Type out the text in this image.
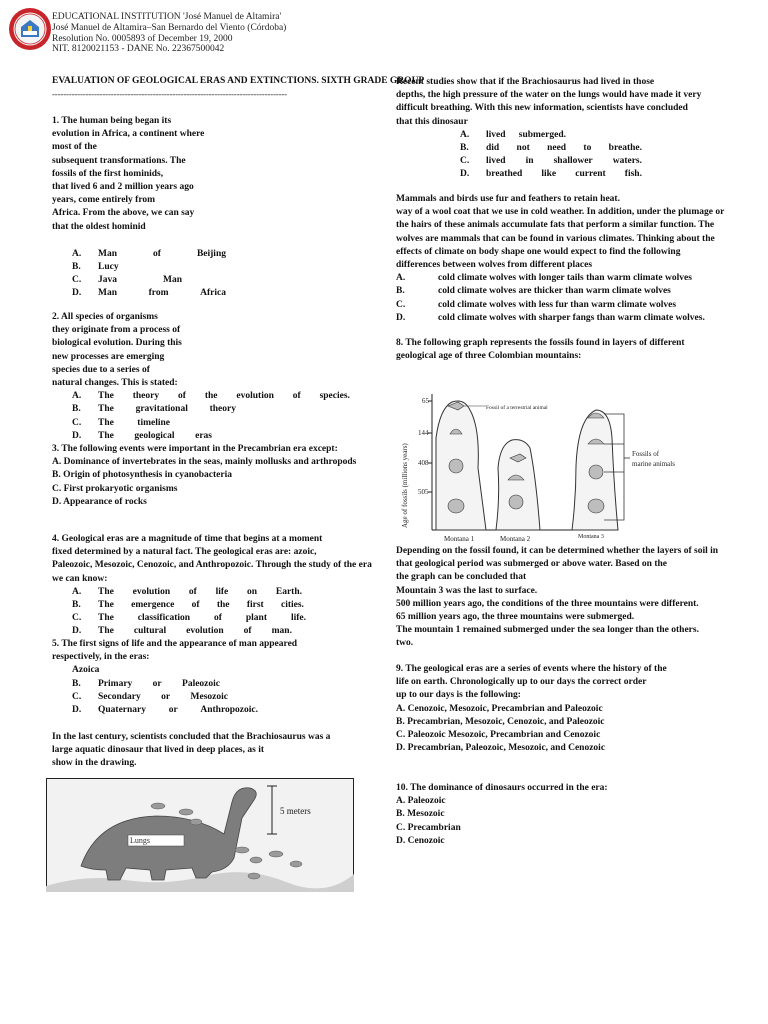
EDUCATIONAL INSTITUTION 'José Manuel de Altamira'
José Manuel de Altamira–San Bernardo del Viento (Córdoba)
Resolution No. 0005893 of December 19, 2000
NIT. 8120021153 - DANE No. 22367500042
EVALUATION OF GEOLOGICAL ERAS AND EXTINCTIONS. SIXTH GRADE GROUP
------------------------------------------------------------------------------------
1. The human being began its
evolution in Africa, a continent where
most of the
subsequent transformations. The
fossils of the first hominids,
that lived 6 and 2 million years ago
years, come entirely from
Africa. From the above, we can say
that the oldest hominid
A.	Man	of	Beijing
B.	Lucy
C.	Java	Man
D.	Man	from	Africa
2. All species of organisms
they originate from a process of
biological evolution. During this
new processes are emerging
species due to a series of
natural changes. This is stated:
A.	The theory of the evolution of species.
B.	The gravitational theory
C.	The timeline
D.	The geological eras
3. The following events were important in the Precambrian era except:
A. Dominance of invertebrates in the seas, mainly mollusks and arthropods
B. Origin of photosynthesis in cyanobacteria
C. First prokaryotic organisms
D. Appearance of rocks
4. Geological eras are a magnitude of time that begins at a moment
fixed determined by a natural fact. The geological eras are: azoic,
Paleozoic, Mesozoic, Cenozoic, and Anthropozoic. Through the study of the era
we can know:
A.	The evolution of life on Earth.
B.	The emergence of the first cities.
C.	The	classification	of	plant	life.
D.	The cultural evolution of man.
5. The first signs of life and the appearance of man appeared
respectively, in the eras:
Azoica
B.	Primary or Paleozoic
C.	Secondary or Mesozoic
D.	Quaternary or Anthropozoic.
In the last century, scientists concluded that the Brachiosaurus was a
large aquatic dinosaur that lived in deep places, as it
show in the drawing.
Lungs
5 meters
Recent studies show that if the Brachiosaurus had lived in those
depths, the high pressure of the water on the lungs would have made it very
difficult breathing. With this new information, scientists have concluded
that this dinosaur
A.	lived submerged.
B.	did not need to breathe.
C.	lived in shallower waters.
D.	breathed like current fish.
Mammals and birds use fur and feathers to retain heat.
way of a wool coat that we use in cold weather. In addition, under the plumage or
the hairs of these animals accumulate fats that perform a similar function. The
wolves are mammals that can be found in various climates. Thinking about the
effects of climate on body shape one would expect to find the following
differences between wolves from different places
A.	cold climate wolves with longer tails than warm climate wolves
B.	cold climate wolves are thicker than warm climate wolves
C.	cold climate wolves with less fur than warm climate wolves
D.	cold climate wolves with sharper fangs than warm climate wolves.
8. The following graph represents the fossils found in layers of different
geological age of three Colombian mountains:
Age of fossils (millions years)
65
144
408
505
Fossil of a terrestrial animal
Fossils of
marine animals
Montana 1	Montana 2	Montana 3
Depending on the fossil found, it can be determined whether the layers of soil in
that geological period was submerged or above water. Based on the
the graph can be concluded that
Mountain 3 was the last to surface.
500 million years ago, the conditions of the three mountains were different.
65 million years ago, the three mountains were submerged.
The mountain 1 remained submerged under the sea longer than the others.
two.
9. The geological eras are a series of events where the history of the
life on earth. Chronologically up to our days the correct order
up to our days is the following:
A. Cenozoic, Mesozoic, Precambrian and Paleozoic
B. Precambrian, Mesozoic, Cenozoic, and Paleozoic
C. Paleozoic Mesozoic, Precambrian and Cenozoic
D. Precambrian, Paleozoic, Mesozoic, and Cenozoic
10. The dominance of dinosaurs occurred in the era:
A. Paleozoic
B. Mesozoic
C. Precambrian
D. Cenozoic
